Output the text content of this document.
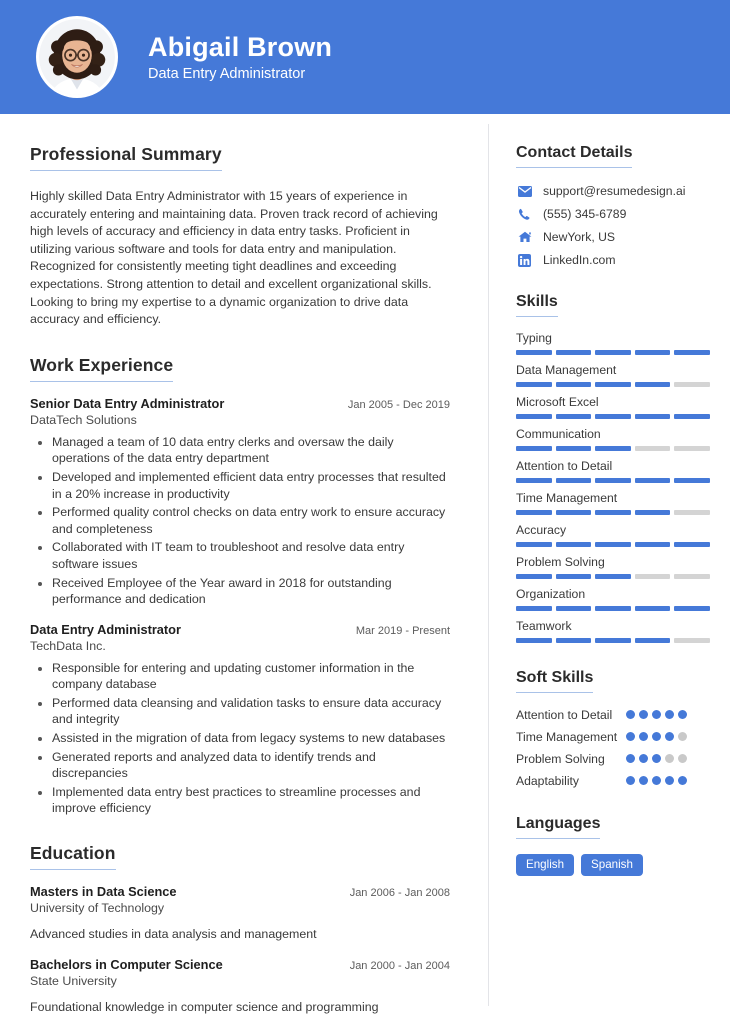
Abigail Brown
Data Entry Administrator
Professional Summary

Highly skilled Data Entry Administrator with 15 years of experience in accurately entering and maintaining data. Proven track record of achieving high levels of accuracy and efficiency in data entry tasks. Proficient in utilizing various software and tools for data entry and manipulation. Recognized for consistently meeting tight deadlines and exceeding expectations. Strong attention to detail and excellent organizational skills. Looking to bring my expertise to a dynamic organization to drive data accuracy and efficiency.

Work Experience
Senior Data Entry Administrator	Jan 2005 - Dec 2019
DataTech Solutions
• Managed a team of 10 data entry clerks and oversaw the daily operations of the data entry department
• Developed and implemented efficient data entry processes that resulted in a 20% increase in productivity
• Performed quality control checks on data entry work to ensure accuracy and completeness
• Collaborated with IT team to troubleshoot and resolve data entry software issues
• Received Employee of the Year award in 2018 for outstanding performance and dedication
Data Entry Administrator	Mar 2019 - Present
TechData Inc.
• Responsible for entering and updating customer information in the company database
• Performed data cleansing and validation tasks to ensure data accuracy and integrity
• Assisted in the migration of data from legacy systems to new databases
• Generated reports and analyzed data to identify trends and discrepancies
• Implemented data entry best practices to streamline processes and improve efficiency
Education
Masters in Data Science	Jan 2006 - Jan 2008
University of Technology
Advanced studies in data analysis and management
Bachelors in Computer Science	Jan 2000 - Jan 2004
State University
Foundational knowledge in computer science and programming
Contact Details
support@resumedesign.ai
(555) 345-6789
NewYork, US
LinkedIn.com
Skills
Typing
Data Management
Microsoft Excel
Communication
Attention to Detail
Time Management
Accuracy
Problem Solving
Organization
Teamwork
Soft Skills
Attention to Detail
Time Management
Problem Solving
Adaptability
Languages
English	Spanish
